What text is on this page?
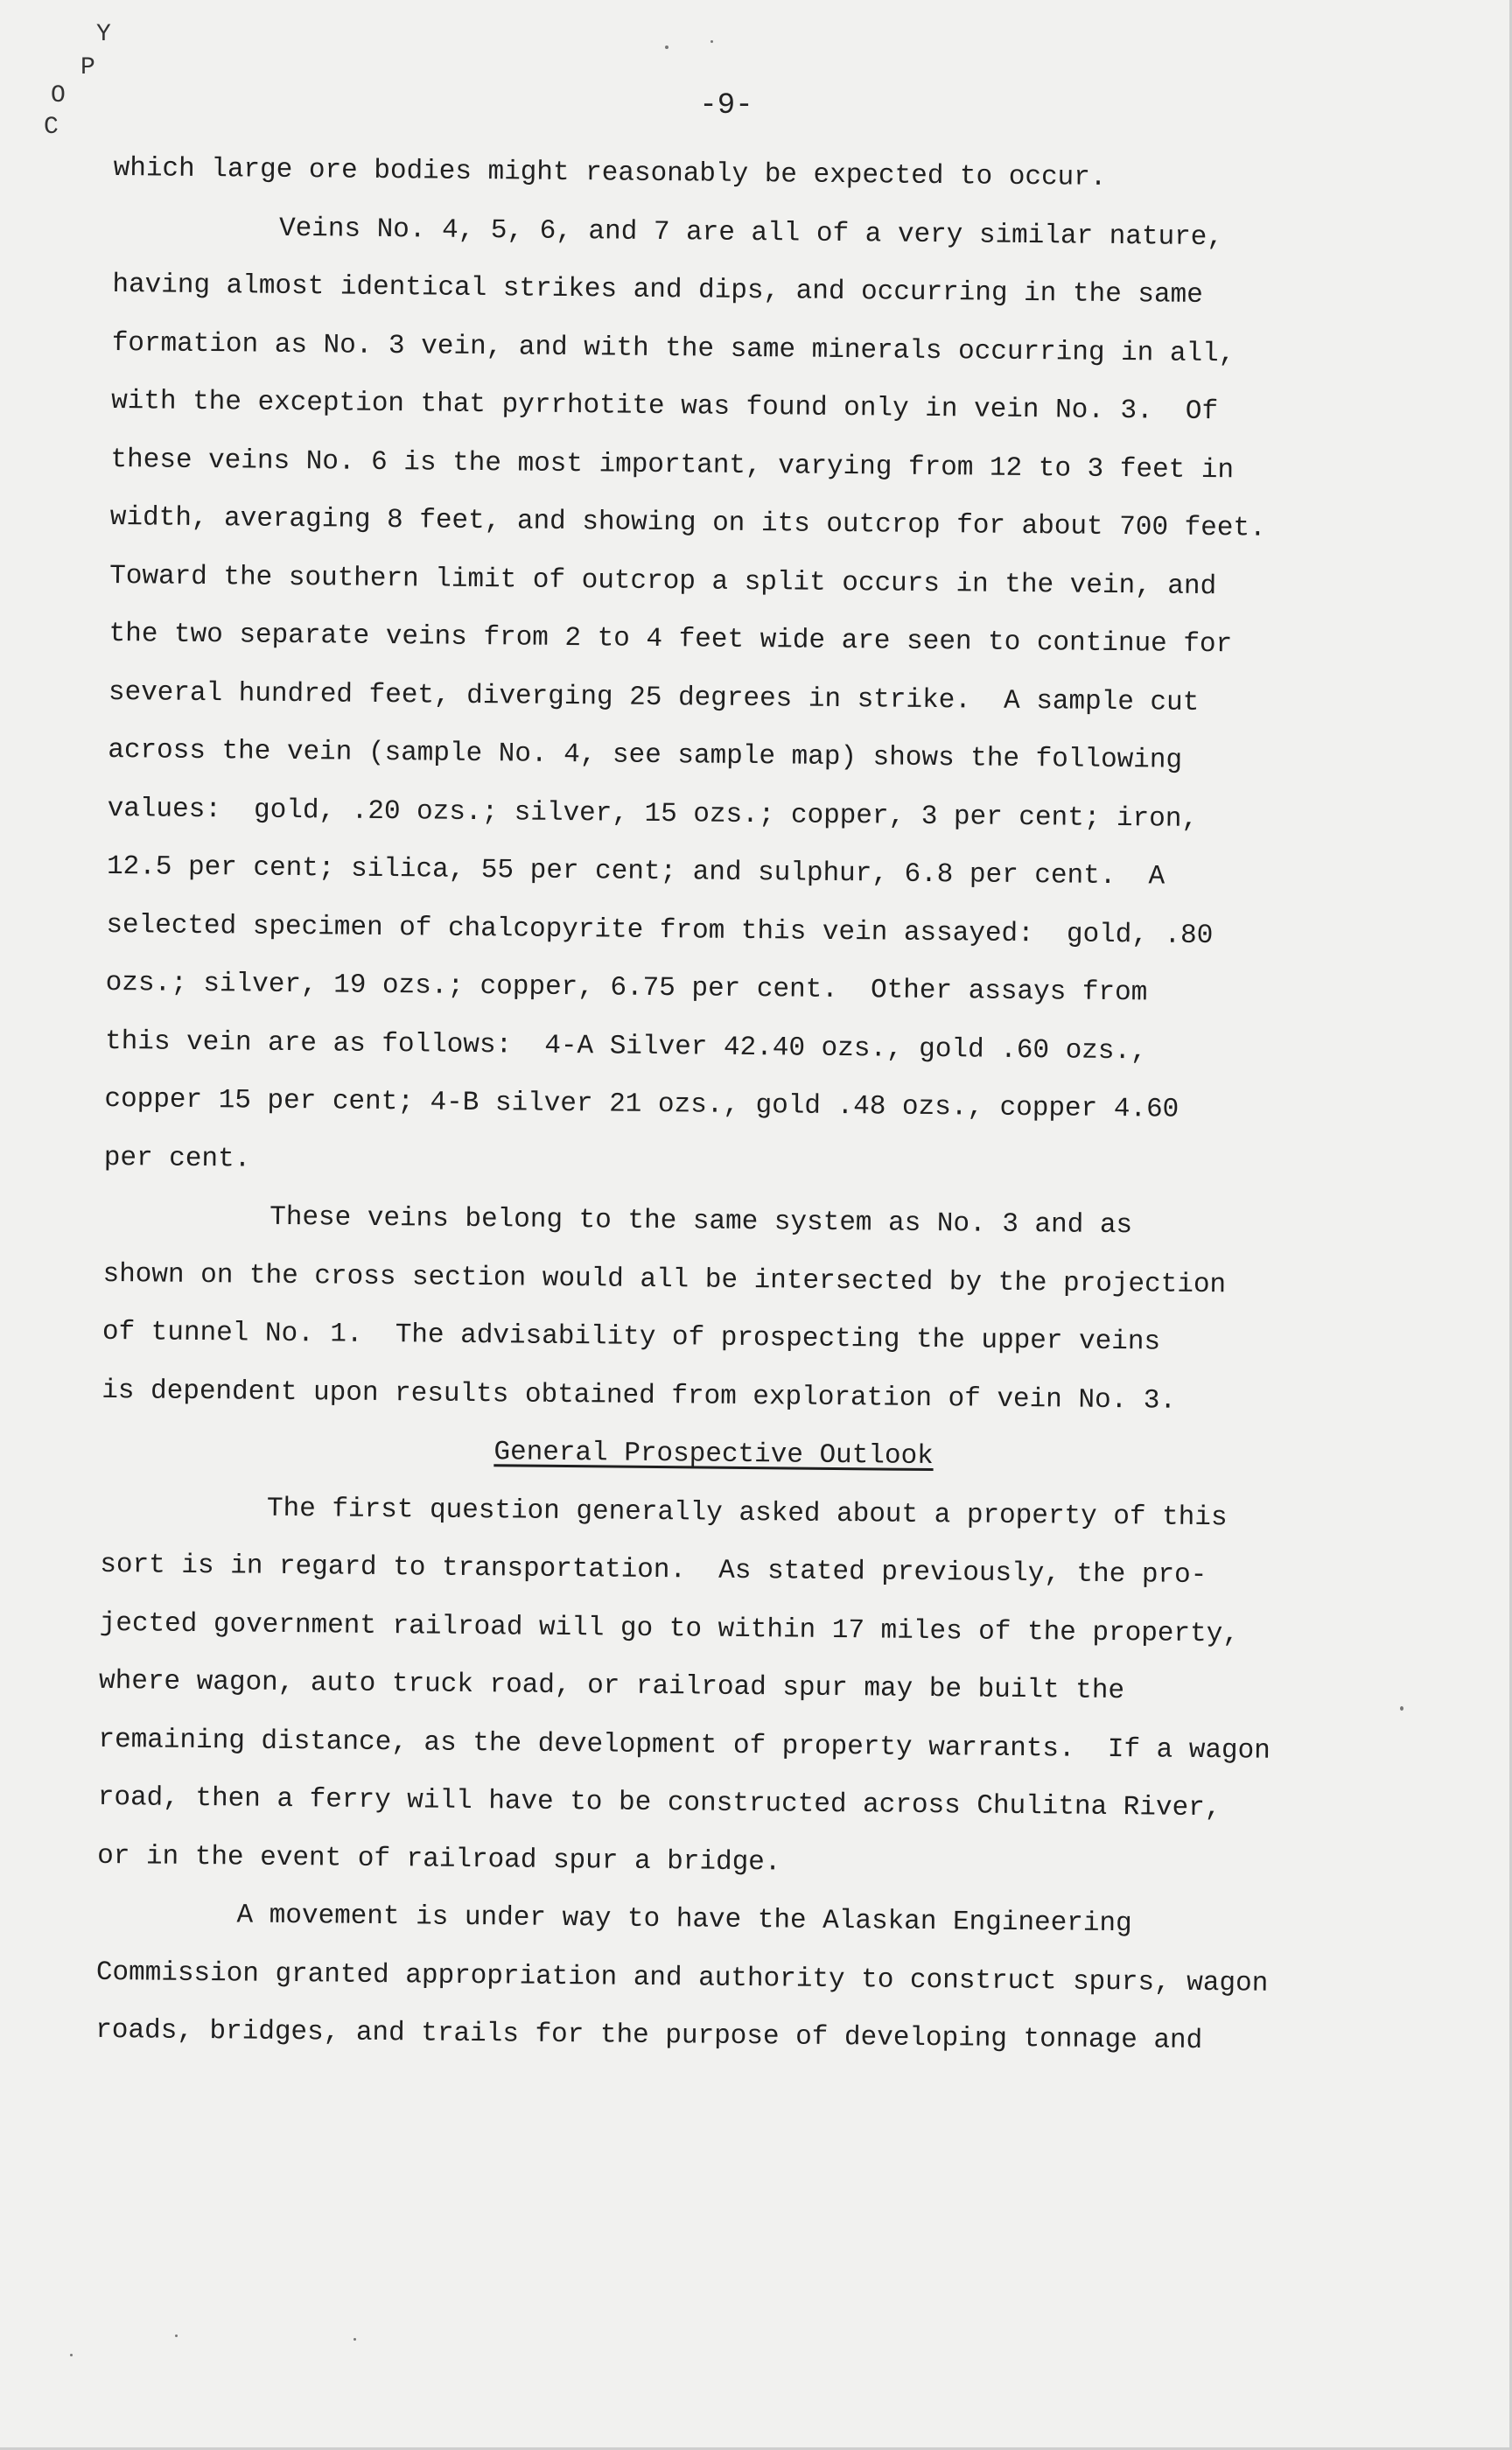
Y
P
O
C
-9-
which large ore bodies might reasonably be expected to occur.
Veins No. 4, 5, 6, and 7 are all of a very similar nature,
having almost identical strikes and dips, and occurring in the same
formation as No. 3 vein, and with the same minerals occurring in all,
with the exception that pyrrhotite was found only in vein No. 3.  Of
these veins No. 6 is the most important, varying from 12 to 3 feet in
width, averaging 8 feet, and showing on its outcrop for about 700 feet.
Toward the southern limit of outcrop a split occurs in the vein, and
the two separate veins from 2 to 4 feet wide are seen to continue for
several hundred feet, diverging 25 degrees in strike.  A sample cut
across the vein (sample No. 4, see sample map) shows the following
values:  gold, .20 ozs.; silver, 15 ozs.; copper, 3 per cent; iron,
12.5 per cent; silica, 55 per cent; and sulphur, 6.8 per cent.  A
selected specimen of chalcopyrite from this vein assayed:  gold, .80
ozs.; silver, 19 ozs.; copper, 6.75 per cent.  Other assays from
this vein are as follows:  4-A Silver 42.40 ozs., gold .60 ozs.,
copper 15 per cent; 4-B silver 21 ozs., gold .48 ozs., copper 4.60
per cent.
These veins belong to the same system as No. 3 and as
shown on the cross section would all be intersected by the projection
of tunnel No. 1.  The advisability of prospecting the upper veins
is dependent upon results obtained from exploration of vein No. 3.
General Prospective Outlook
The first question generally asked about a property of this
sort is in regard to transportation.  As stated previously, the pro-
jected government railroad will go to within 17 miles of the property,
where wagon, auto truck road, or railroad spur may be built the
remaining distance, as the development of property warrants.  If a wagon
road, then a ferry will have to be constructed across Chulitna River,
or in the event of railroad spur a bridge.
A movement is under way to have the Alaskan Engineering
Commission granted appropriation and authority to construct spurs, wagon
roads, bridges, and trails for the purpose of developing tonnage and
